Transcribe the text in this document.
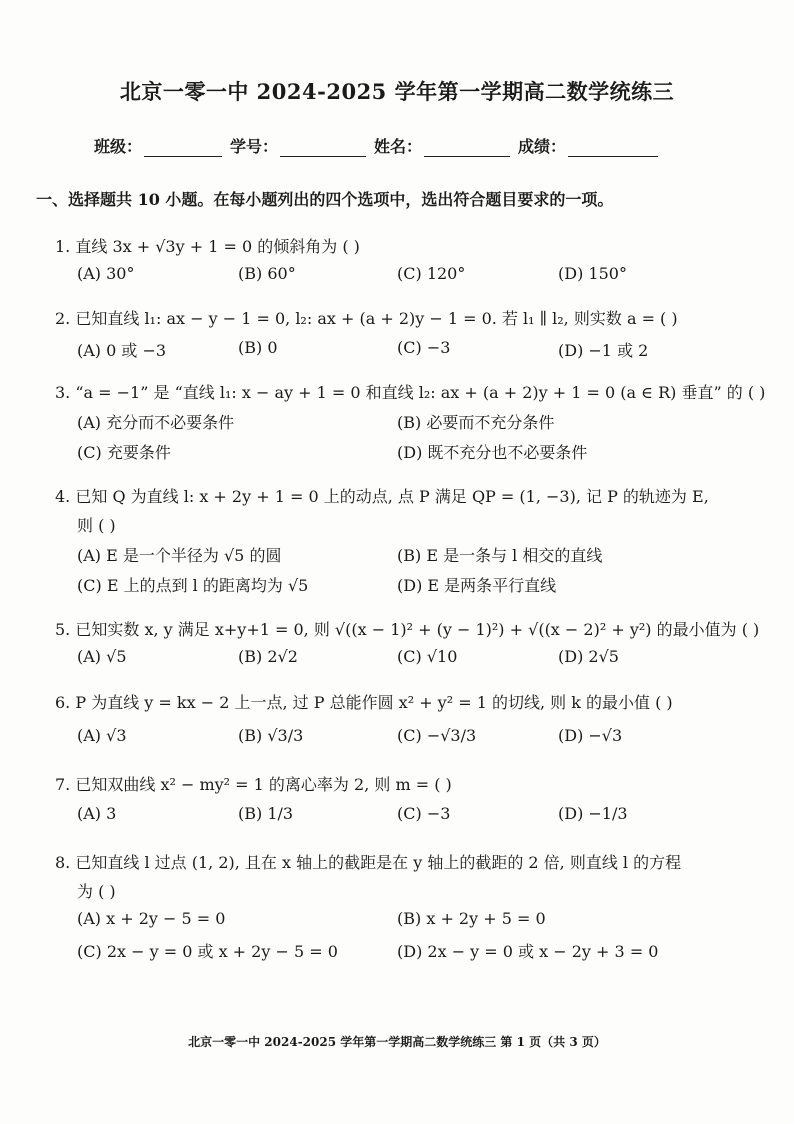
北京一零一中 2024-2025 学年第一学期高二数学统练三
班级：	学号：	姓名：	成绩：
一、选择题共 10 小题。在每小题列出的四个选项中，选出符合题目要求的一项。
1. 直线 3x + √3y + 1 = 0 的倾斜角为 ( )
(A) 30°	(B) 60°	(C) 120°	(D) 150°
2. 已知直线 l₁: ax − y − 1 = 0, l₂: ax + (a + 2)y − 1 = 0. 若 l₁ ∥ l₂, 则实数 a = ( )
(A) 0 或 −3	(B) 0	(C) −3	(D) −1 或 2
3. “a = −1” 是 “直线 l₁: x − ay + 1 = 0 和直线 l₂: ax + (a + 2)y + 1 = 0 (a ∈ R) 垂直” 的 ( )
(A) 充分而不必要条件	(B) 必要而不充分条件
(C) 充要条件	(D) 既不充分也不必要条件
4. 已知 Q 为直线 l: x + 2y + 1 = 0 上的动点, 点 P 满足 QP = (1, −3), 记 P 的轨迹为 E,
则 ( )
(A) E 是一个半径为 √5 的圆	(B) E 是一条与 l 相交的直线
(C) E 上的点到 l 的距离均为 √5	(D) E 是两条平行直线
5. 已知实数 x, y 满足 x+y+1 = 0, 则 √((x − 1)² + (y − 1)²) + √((x − 2)² + y²) 的最小值为 ( )
(A) √5	(B) 2√2	(C) √10	(D) 2√5
6. P 为直线 y = kx − 2 上一点, 过 P 总能作圆 x² + y² = 1 的切线, 则 k 的最小值 ( )
(A) √3	(B) √3/3	(C) −√3/3	(D) −√3
7. 已知双曲线 x² − my² = 1 的离心率为 2, 则 m = ( )
(A) 3	(B) 1/3	(C) −3	(D) −1/3
8. 已知直线 l 过点 (1, 2), 且在 x 轴上的截距是在 y 轴上的截距的 2 倍, 则直线 l 的方程
为 ( )
(A) x + 2y − 5 = 0	(B) x + 2y + 5 = 0
(C) 2x − y = 0 或 x + 2y − 5 = 0	(D) 2x − y = 0 或 x − 2y + 3 = 0
北京一零一中 2024-2025 学年第一学期高二数学统练三 第 1 页（共 3 页）
